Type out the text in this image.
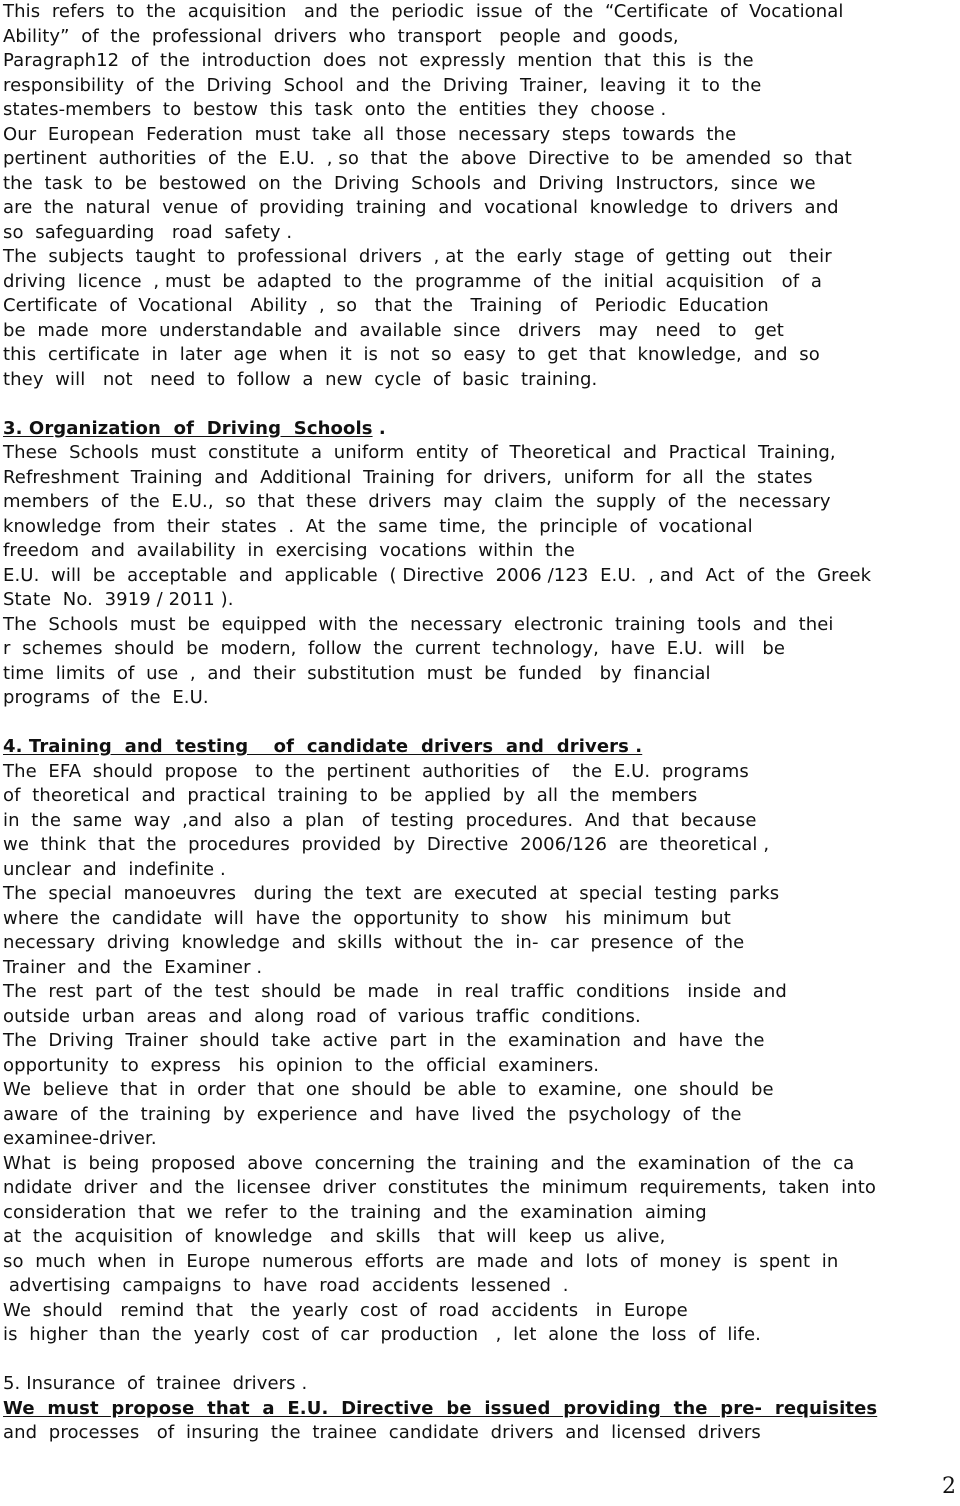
This  refers  to  the  acquisition   and  the  periodic  issue  of  the  “Certificate  of  Vocational
Ability”  of  the  professional  drivers  who  transport   people  and  goods,
Paragraph12  of  the  introduction  does  not  expressly  mention  that  this  is  the
responsibility  of  the  Driving  School  and  the  Driving  Trainer,  leaving  it  to  the
states-members  to  bestow  this  task  onto  the  entities  they  choose .
Our  European  Federation  must  take  all  those  necessary  steps  towards  the
pertinent  authorities  of  the  E.U.  , so  that  the  above  Directive  to  be  amended  so  that
the  task  to  be  bestowed  on  the  Driving  Schools  and  Driving  Instructors,  since  we
are  the  natural  venue  of  providing  training  and  vocational  knowledge  to  drivers  and
so  safeguarding   road  safety .
The  subjects  taught  to  professional  drivers  , at  the  early  stage  of  getting  out   their
driving  licence  , must  be  adapted  to  the  programme  of  the  initial  acquisition   of  a
Certificate  of  Vocational   Ability  ,  so   that  the   Training   of   Periodic  Education
be  made  more  understandable  and  available  since   drivers   may   need   to   get
this  certificate  in  later  age  when  it  is  not  so  easy  to  get  that  knowledge,  and  so
they  will   not   need  to  follow  a  new  cycle  of  basic  training.
3. Organization  of  Driving  Schools .
These  Schools  must  constitute  a  uniform  entity  of  Theoretical  and  Practical  Training,
Refreshment  Training  and  Additional  Training  for  drivers,  uniform  for  all  the  states
members  of  the  E.U.,  so  that  these  drivers  may  claim  the  supply  of  the  necessary
knowledge  from  their  states  .  At  the  same  time,  the  principle  of  vocational
freedom  and  availability  in  exercising  vocations  within  the
E.U.  will  be  acceptable  and  applicable  ( Directive  2006 /123  E.U.  , and  Act  of  the  Greek
State  No.  3919 / 2011 ).
The  Schools  must  be  equipped  with  the  necessary  electronic  training  tools  and  thei
r  schemes  should  be  modern,  follow  the  current  technology,  have  E.U.  will   be
time  limits  of  use  ,  and  their  substitution  must  be  funded   by  financial
programs  of  the  E.U.
4. Training  and  testing    of  candidate  drivers  and  drivers .
The  EFA  should  propose   to  the  pertinent  authorities  of    the  E.U.  programs
of  theoretical  and  practical  training  to  be  applied  by  all  the  members
in  the  same  way  ,and  also  a  plan   of  testing  procedures.  And  that  because
we  think  that  the  procedures  provided  by  Directive  2006/126  are  theoretical ,
unclear  and  indefinite .
The  special  manoeuvres   during  the  text  are  executed  at  special  testing  parks
where  the  candidate  will  have  the  opportunity  to  show   his  minimum  but
necessary  driving  knowledge  and  skills  without  the  in-  car  presence  of  the
Trainer  and  the  Examiner .
The  rest  part  of  the  test  should  be  made   in  real  traffic  conditions   inside  and
outside  urban  areas  and  along  road  of  various  traffic  conditions.
The  Driving  Trainer  should  take  active  part  in  the  examination  and  have  the
opportunity  to  express   his  opinion  to  the  official  examiners.
We  believe  that  in  order  that  one  should  be  able  to  examine,  one  should  be
aware  of  the  training  by  experience  and  have  lived  the  psychology  of  the
examinee-driver.
What  is  being  proposed  above  concerning  the  training  and  the  examination  of  the  ca
ndidate  driver  and  the  licensee  driver  constitutes  the  minimum  requirements,  taken  into
consideration  that  we  refer  to  the  training  and  the  examination  aiming
at  the  acquisition  of  knowledge   and  skills   that  will  keep  us  alive,
so  much  when  in  Europe  numerous  efforts  are  made  and  lots  of  money  is  spent  in
advertising  campaigns  to  have  road  accidents  lessened  .
We  should   remind  that   the  yearly  cost  of  road  accidents   in  Europe
is  higher  than  the  yearly  cost  of  car  production   ,  let  alone  the  loss  of  life.
5. Insurance  of  trainee  drivers .
We  must  propose  that  a  E.U.  Directive  be  issued  providing  the  pre-  requisites
and  processes   of  insuring  the  trainee  candidate  drivers  and  licensed  drivers
2
